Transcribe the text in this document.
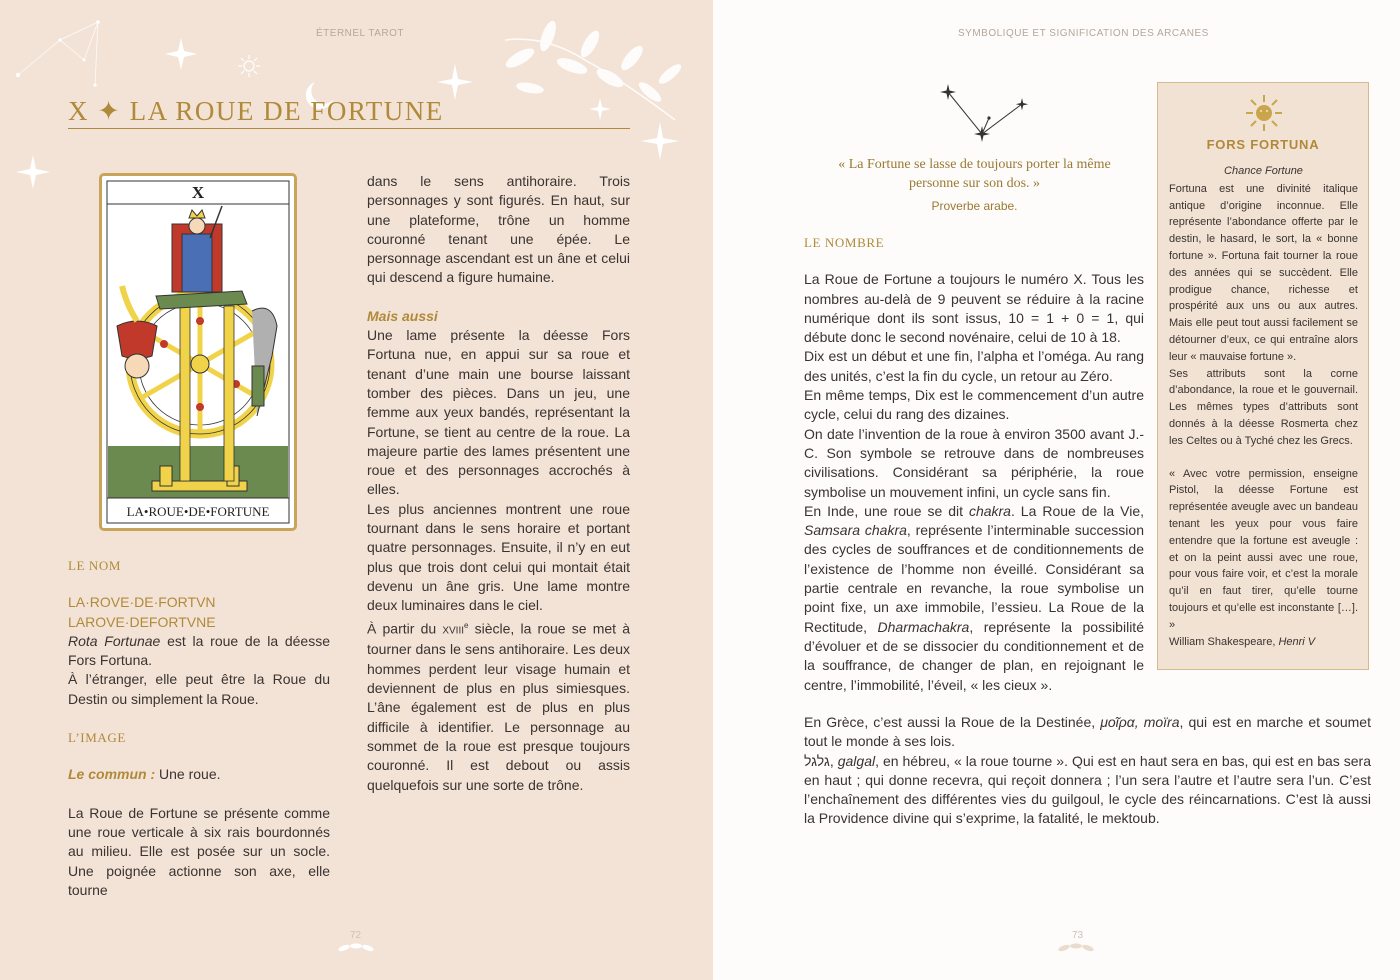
ÉTERNEL TAROT
X ✦ LA ROUE DE FORTUNE
X
LA•ROUE•DE•FORTUNE
LE NOM

LA·ROVE·DE·FORTVN

LAROVE·DEFORTVNE

Rota Fortunae est la roue de la déesse Fors Fortuna.

À l’étranger, elle peut être la Roue du Destin ou simplement la Roue.

L’IMAGE

Le commun : Une roue.

La Roue de Fortune se présente comme une roue verticale à six rais bourdonnés au milieu. Elle est posée sur un socle. Une poignée actionne son axe, elle tourne

dans le sens antihoraire. Trois personnages y sont figurés. En haut, sur une plateforme, trône un homme couronné tenant une épée. Le personnage ascendant est un âne et celui qui descend a figure humaine.

Mais aussi

Une lame présente la déesse Fors Fortuna nue, en appui sur sa roue et tenant d’une main une bourse laissant tomber des pièces. Dans un jeu, une femme aux yeux bandés, représentant la Fortune, se tient au centre de la roue. La majeure partie des lames présentent une roue et des personnages accrochés à elles.

Les plus anciennes montrent une roue tournant dans le sens horaire et portant quatre personnages. Ensuite, il n’y en eut plus que trois dont celui qui montait était devenu un âne gris. Une lame montre deux luminaires dans le ciel.

À partir du XVIIIe siècle, la roue se met à tourner dans le sens antihoraire. Les deux hommes perdent leur visage humain et deviennent de plus en plus simiesques. L’âne également est de plus en plus difficile à identifier. Le personnage au sommet de la roue est presque toujours couronné. Il est debout ou assis quelquefois sur une sorte de trône.

72
SYMBOLIQUE ET SIGNIFICATION DES ARCANES
« La Fortune se lasse de toujours porter la même personne sur son dos. »
Proverbe arabe.
LE NOMBRE

La Roue de Fortune a toujours le numéro X. Tous les nombres au-delà de 9 peuvent se réduire à la racine numérique dont ils sont issus, 10 = 1 + 0 = 1, qui débute donc le second novénaire, celui de 10 à 18.

Dix est un début et une fin, l’alpha et l’oméga. Au rang des unités, c’est la fin du cycle, un retour au Zéro.

En même temps, Dix est le commencement d’un autre cycle, celui du rang des dizaines.

On date l’invention de la roue à environ 3500 avant J.-C. Son symbole se retrouve dans de nombreuses civilisations. Considérant sa périphérie, la roue symbolise un mouvement infini, un cycle sans fin.

En Inde, une roue se dit chakra. La Roue de la Vie, Samsara chakra, représente l’interminable succession des cycles de souffrances et de conditionnements de l’existence de l’homme non éveillé. Considérant sa partie centrale en revanche, la roue symbolise un point fixe, un axe immobile, l’essieu. La Roue de la Rectitude, Dharmachakra, représente la possibilité d’évoluer et de se dissocier du conditionnement et de la souffrance, de changer de plan, en rejoignant le centre, l’immobilité, l’éveil, « les cieux ».

En Grèce, c’est aussi la Roue de la Destinée, μοῖρα, moïra, qui est en marche et soumet tout le monde à ses lois.

גלגל, galgal, en hébreu, « la roue tourne ». Qui est en haut sera en bas, qui est en bas sera en haut ; qui donne recevra, qui reçoit donnera ; l’un sera l’autre et l’autre sera l’un. C’est l’enchaînement des différentes vies du guilgoul, le cycle des réincarnations. C’est là aussi la Providence divine qui s’exprime, la fatalité, le mektoub.

FORS FORTUNA

Chance Fortune

Fortuna est une divinité italique antique d’origine inconnue. Elle représente l’abondance offerte par le destin, le hasard, le sort, la « bonne fortune ». Fortuna fait tourner la roue des années qui se succèdent. Elle prodigue chance, richesse et prospérité aux uns ou aux autres. Mais elle peut tout aussi facilement se détourner d’eux, ce qui entraîne alors leur « mauvaise fortune ».

Ses attributs sont la corne d’abondance, la roue et le gouvernail. Les mêmes types d’attributs sont donnés à la déesse Rosmerta chez les Celtes ou à Tyché chez les Grecs.

« Avec votre permission, enseigne Pistol, la déesse Fortune est représentée aveugle avec un bandeau tenant les yeux pour vous faire entendre que la fortune est aveugle : et on la peint aussi avec une roue, pour vous faire voir, et c’est la morale qu’il en faut tirer, qu’elle tourne toujours et qu’elle est inconstante […]. »

William Shakespeare, Henri V

73
